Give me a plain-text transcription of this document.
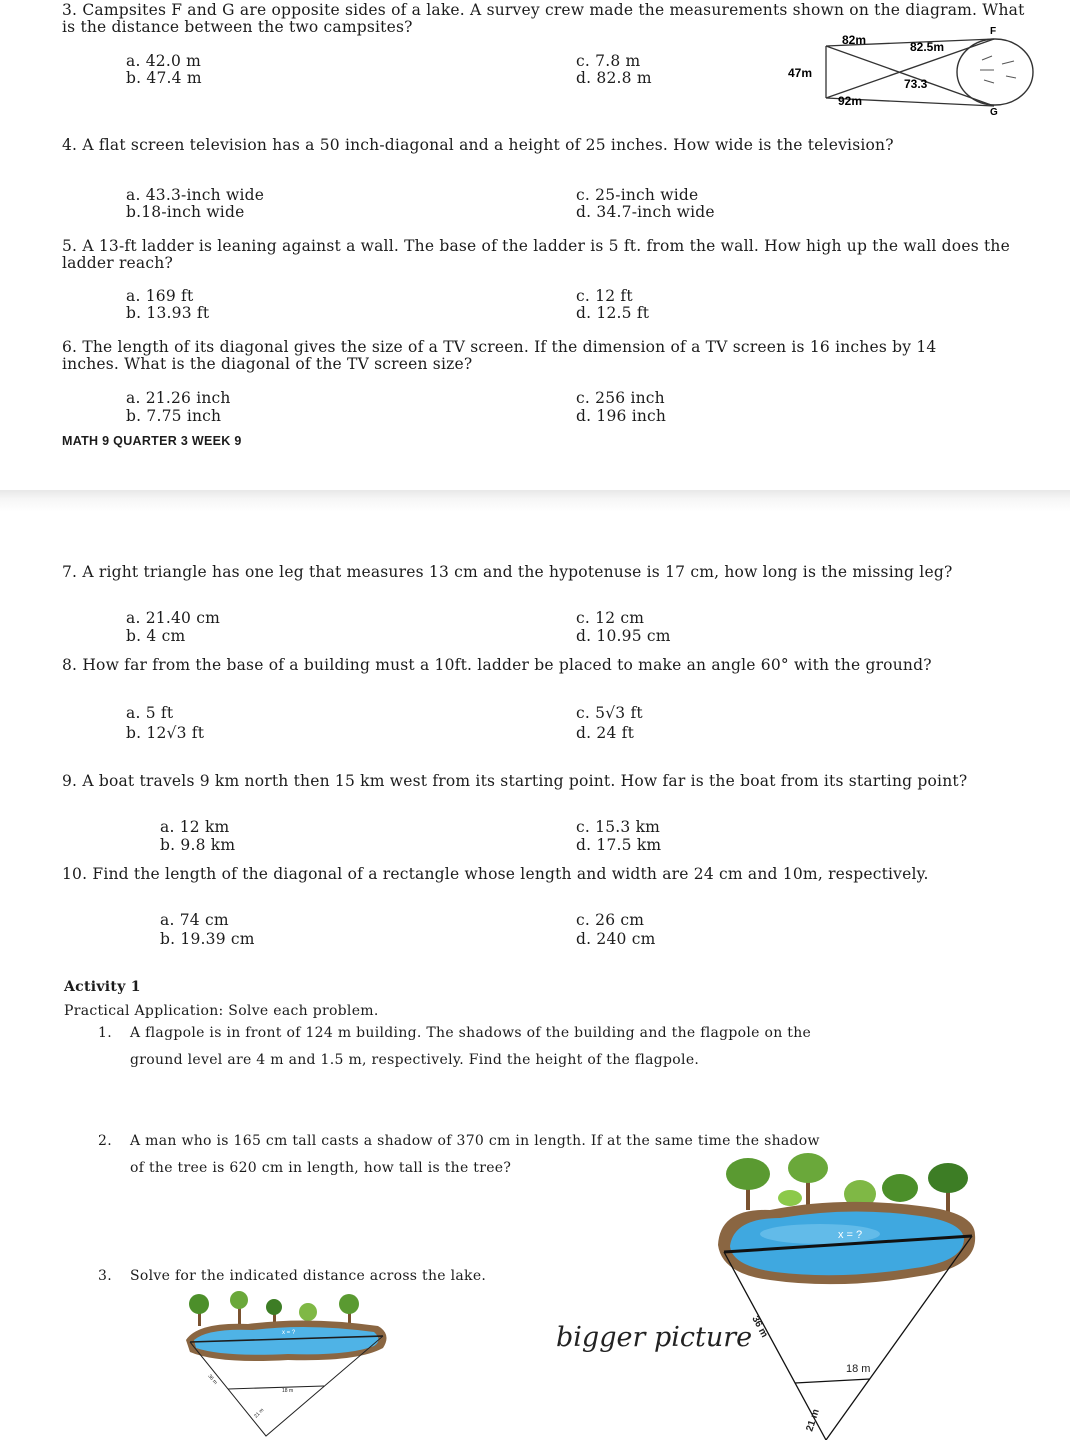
3. Campsites F and G are opposite sides of a lake. A survey crew made the measurements shown on the diagram. What is the distance between the two campsites?
a. 42.0 m
b. 47.4 m
c. 7.8 m
d. 82.8 m
82m	82.5m
47m
92m
73.3
F
G
4. A flat screen television has a 50 inch-diagonal and a height of 25 inches. How wide is the television?
a. 43.3-inch wide
b.18-inch wide
c. 25-inch wide
d. 34.7-inch wide
5. A 13-ft ladder is leaning against a wall. The base of the ladder is 5 ft. from the wall. How high up the wall does the ladder reach?
a. 169 ft
b. 13.93 ft
c. 12 ft
d. 12.5 ft
6. The length of its diagonal gives the size of a TV screen. If the dimension of a TV screen is 16 inches by 14 inches. What is the diagonal of the TV screen size?
a. 21.26 inch
b. 7.75 inch
c. 256 inch
d. 196 inch
MATH 9 QUARTER 3 WEEK 9
7. A right triangle has one leg that measures 13 cm and the hypotenuse is 17 cm, how long is the missing leg?
a. 21.40 cm
b. 4 cm
c. 12 cm
d. 10.95 cm
8. How far from the base of a building must a 10ft. ladder be placed to make an angle 60° with the ground?
a. 5 ft
b. 12√3 ft
c. 5√3 ft
d. 24 ft
9. A boat travels 9 km north then 15 km west from its starting point. How far is the boat from its starting point?
a. 12 km
b. 9.8 km
c. 15.3 km
d. 17.5 km
10. Find the length of the diagonal of a rectangle whose length and width are 24 cm and 10m, respectively.
a. 74 cm
b. 19.39 cm
c. 26 cm
d. 240 cm
Activity 1
Practical Application: Solve each problem.
1. A flagpole is in front of 124 m building. The shadows of the building and the flagpole on the
ground level are 4 m and 1.5 m, respectively. Find the height of the flagpole.
2. A man who is 165 cm tall casts a shadow of 370 cm in length. If at the same time the shadow
of the tree is 620 cm in length, how tall is the tree?
3. Solve for the indicated distance across the lake.
x = ?
18 m
36 m
21 m
bigger picture
x = ?
18 m
36 m
21 m
